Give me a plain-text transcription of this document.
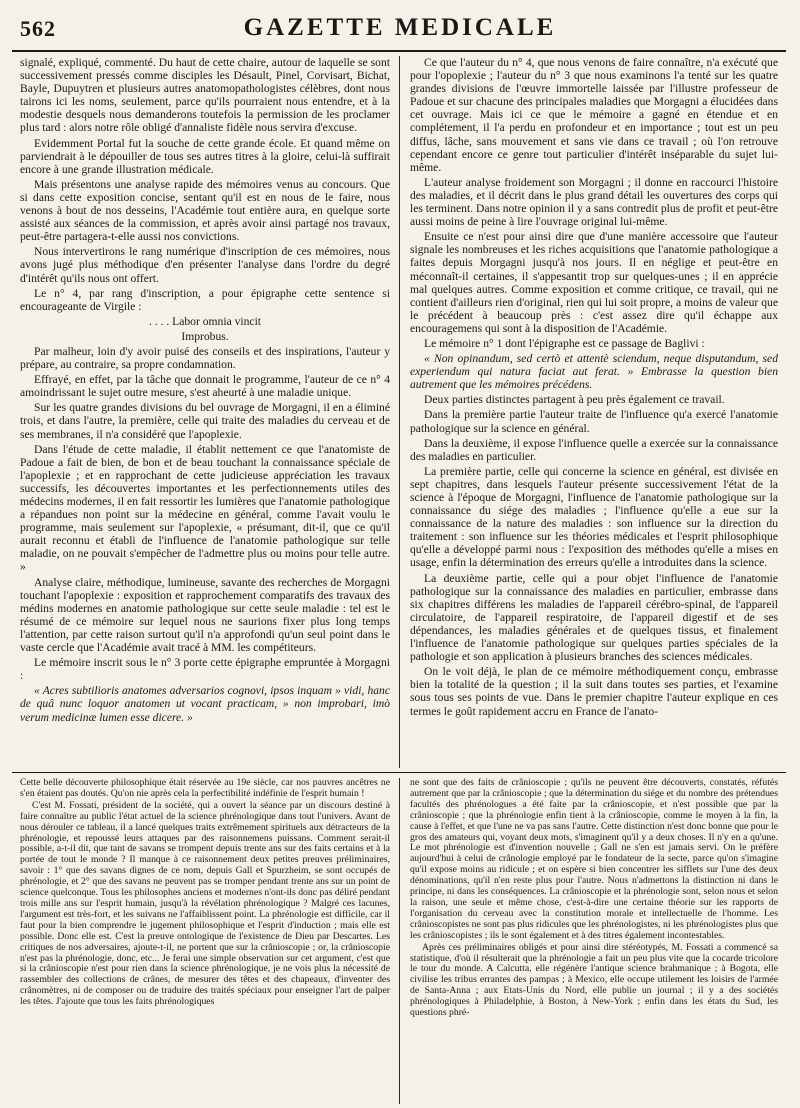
562	GAZETTE MEDICALE

signalé, expliqué, commenté. Du haut de cette chaire, autour de laquelle se sont successivement pressés comme disciples les Désault, Pinel, Corvisart, Bichat, Bayle, Dupuytren et plusieurs autres anatomopathologistes célèbres, dont nous tairons ici les noms, seulement, parce qu'ils pourraient nous entendre, et à la modestie desquels nous demanderons toutefois la permission de les proclamer plus tard : alors notre rôle obligé d'annaliste fidèle nous servira d'excuse.

Evidemment Portal fut la souche de cette grande école. Et quand même on parviendrait à le dépouiller de tous ses autres titres à la gloire, celui-là suffirait encore à une grande illustration médicale.

Mais présentons une analyse rapide des mémoires venus au concours. Que si dans cette exposition concise, sentant qu'il est en nous de le faire, nous venons à bout de nos desseins, l'Académie tout entière aura, en quelque sorte assisté aux séances de la commission, et après avoir ainsi partagé nos travaux, peut-être partagera-t-elle aussi nos convictions.

Nous intervertirons le rang numérique d'inscription de ces mémoires, nous avons jugé plus méthodique d'en présenter l'analyse dans l'ordre du degré d'intérêt qu'ils nous ont offert.

Le n° 4, par rang d'inscription, a pour épigraphe cette sentence si encourageante de Virgile :

. . . . Labor omnia vincit

Improbus.

Par malheur, loin d'y avoir puisé des conseils et des inspirations, l'auteur y prépare, au contraire, sa propre condamnation.

Effrayé, en effet, par la tâche que donnait le programme, l'auteur de ce n° 4 amoindrissant le sujet outre mesure, s'est aheurté à une maladie unique.

Sur les quatre grandes divisions du bel ouvrage de Morgagni, il en a éliminé trois, et dans l'autre, la première, celle qui traite des maladies du cerveau et de ses membranes, il n'a considéré que l'apoplexie.

Dans l'étude de cette maladie, il établit nettement ce que l'anatomiste de Padoue a fait de bien, de bon et de beau touchant la connaissance spéciale de l'apoplexie ; et en rapprochant de cette judicieuse appréciation les travaux successifs, les découvertes importantes et les perfectionnements utiles des médecins modernes, il en fait ressortir les lumières que l'anatomie pathologique a répandues non point sur la médecine en général, comme l'avait voulu le programme, mais seulement sur l'apoplexie, « présumant, dit-il, que ce qu'il aurait reconnu et établi de l'influence de l'anatomie pathologique sur telle maladie, on ne pouvait s'empêcher de l'admettre plus ou moins pour telle autre. »

Analyse claire, méthodique, lumineuse, savante des recherches de Morgagni touchant l'apoplexie : exposition et rapprochement comparatifs des travaux des médins modernes en anatomie pathologique sur cette seule maladie : tel est le résumé de ce mémoire sur lequel nous ne saurions fixer plus long temps l'attention, par cette raison surtout qu'il n'a approfondi qu'un seul point dans le vaste cercle que l'Académie avait tracé à MM. les compétiteurs.

Le mémoire inscrit sous le n° 3 porte cette épigraphe empruntée à Morgagni :

« Acres subtilioris anatomes adversarios cognovi, ipsos inquam » vidi, hanc de quâ nunc loquor anatomen ut vocant practicam, » non improbari, imò verum medicinæ lumen esse dicere. »

Ce que l'auteur du n° 4, que nous venons de faire connaître, n'a exécuté que pour l'opoplexie ; l'auteur du n° 3 que nous examinons l'a tenté sur les quatre grandes divisions de l'œuvre immortelle laissée par l'illustre professeur de Padoue et sur chacune des principales maladies que Morgagni a élucidées dans cet ouvrage. Mais ici ce que le mémoire a gagné en étendue et en complétement, il l'a perdu en profondeur et en importance ; tout est un peu diffus, lâche, sans mouvement et sans vie dans ce travail ; où l'on retrouve cependant encore ce genre tout particulier d'intérêt inséparable du sujet lui-même.

L'auteur analyse froidement son Morgagni ; il donne en raccourci l'histoire des maladies, et il décrit dans le plus grand détail les ouvertures des corps qui les terminent. Dans notre opinion il y a sans contredit plus de profit et peut-être aussi moins de peine à lire l'ouvrage original lui-même.

Ensuite ce n'est pour ainsi dire que d'une manière accessoire que l'auteur signale les nombreuses et les riches acquisitions que l'anatomie pathologique a faites depuis Morgagni jusqu'à nos jours. Il en néglige et peut-être en méconnaît-il certaines, il s'appesantit trop sur quelques-unes ; il en apprécie mal quelques autres. Comme exposition et comme critique, ce travail, qui ne contient d'ailleurs rien d'original, rien qui lui soit propre, a moins de valeur que le précédent à beaucoup près : c'est assez dire qu'il échappe aux encouragemens qui sont à la disposition de l'Académie.

Le mémoire n° 1 dont l'épigraphe est ce passage de Baglivi :

« Non opinandum, sed certò et attentè sciendum, neque disputandum, sed experiendum qui natura faciat aut ferat. » Embrasse la question bien autrement que les mémoires précédens.

Deux parties distinctes partagent à peu près également ce travail.

Dans la première partie l'auteur traite de l'influence qu'a exercé l'anatomie pathologique sur la science en général.

Dans la deuxième, il expose l'influence quelle a exercée sur la connaissance des maladies en particulier.

La première partie, celle qui concerne la science en général, est divisée en sept chapitres, dans lesquels l'auteur présente successivement l'état de la science à l'époque de Morgagni, l'influence de l'anatomie pathologique sur la connaissance du siége des maladies ; l'influence qu'elle a eue sur la connaissance de la nature des maladies : son influence sur la direction du traitement : son influence sur les théories médicales et l'esprit philosophique qu'elle a développé parmi nous : l'exposition des méthodes qu'elle a mises en usage, enfin la détermination des erreurs qu'elle a introduites dans la science.

La deuxième partie, celle qui a pour objet l'influence de l'anatomie pathologique sur la connaissance des maladies en particulier, embrasse dans six chapitres différens les maladies de l'appareil cérébro-spinal, de l'appareil circulatoire, de l'appareil respiratoire, de l'appareil digestif et de ses dépendances, les maladies générales et de quelques tissus, et finalement l'influence de l'anatomie pathologique sur quelques parties spéciales de la pathologie et son application à plusieurs branches des sciences médicales.

On le voit déjà, le plan de ce mémoire méthodiquement conçu, embrasse bien la totalité de la question ; il la suit dans toutes ses parties, et l'examine sous tous ses points de vue. Dans le premier chapitre l'auteur explique en ces termes le goût rapidement accru en France de l'anato-

Cette belle découverte philosophique était réservée au 19e siècle, car nos pauvres ancêtres ne s'en étaient pas doutés. Qu'on nie après cela la perfectibilité indéfinie de l'esprit humain !

C'est M. Fossati, président de la société, qui a ouvert la séance par un discours destiné à faire connaître au public l'état actuel de la science phrénologique dans tout l'univers. Avant de nous dérouler ce tableau, il a lancé quelques traits extrêmement spirituels aux détracteurs de la phrénologie, et repoussé leurs attaques par des raisonnemens puissans. Comment serait-il possible, a-t-il dit, que tant de savans se trompent depuis trente ans sur des faits certains et à la portée de tout le monde ? Il manque à ce raisonnement deux petites preuves préliminaires, savoir : 1° que des savans dignes de ce nom, depuis Gall et Spurzheim, se sont occupés de phrénologie, et 2° que des savans ne peuvent pas se tromper pendant trente ans sur un point de science quelconque. Tous les philosophes anciens et modernes n'ont-ils donc pas déliré pendant trois mille ans sur l'esprit humain, jusqu'à la révélation phrénologique ? Malgré ces lacunes, l'argument est très-fort, et les suivans ne l'affaiblissent point. La phrénologie est difficile, car il faut pour la bien comprendre le jugement philosophique et l'esprit d'induction ; mais elle est possible. Donc elle est. C'est la preuve ontologique de l'existence de Dieu par Descartes. Les critiques de nos adversaires, ajoute-t-il, ne portent que sur la crânioscopie ; or, la crânioscopie n'est pas la phrénologie, donc, etc... Je ferai une simple observation sur cet argument, c'est que si la crânioscopie n'est pour rien dans la science phrénologique, je ne vois plus la nécessité de rassembler des collections de crânes, de mesurer des têtes et des chapeaux, d'inventer des crânomètres, ni de composer ou de traduire des traités spéciaux pour enseigner l'art de palper les têtes. J'ajoute que tous les faits phrénologiques

ne sont que des faits de crânioscopie ; qu'ils ne peuvent être découverts, constatés, réfutés autrement que par la crânioscopie ; que la détermination du siége et du nombre des prétendues facultés des phrénologues a été faite par la crânioscopie, et n'est possible que par la crânioscopie ; que la phrénologie enfin tient à la crânioscopie, comme le moyen à la fin, la cause à l'effet, et que l'une ne va pas sans l'autre. Cette distinction n'est donc bonne que pour le gros des amateurs qui, voyant deux mots, s'imaginent qu'il y a deux choses. Il n'y en a qu'une. Le mot phrénologie est d'invention nouvelle ; Gall ne s'en est jamais servi. On le préfère aujourd'hui à celui de crânologie employé par le fondateur de la secte, parce qu'on s'imagine qu'il expose moins au ridicule ; et on espère si bien concentrer les sifflets sur l'une des deux dénominations, qu'il n'en reste plus pour l'autre. Nous n'admettons la distinction ni dans le principe, ni dans les conséquences. La crânioscopie et la phrénologie sont, selon nous et selon la raison, une seule et même chose, c'est-à-dire une certaine théorie sur les rapports de l'organisation du cerveau avec la constitution morale et intellectuelle de l'homme. Les crânioscopistes ne sont pas plus ridicules que les phrénologistes, ni les phrénologistes plus que les crânioscopistes ; ils le sont également et à des titres également incontestables.

Après ces préliminaires obligés et pour ainsi dire stéréotypés, M. Fossati a commencé sa statistique, d'où il résulterait que la phrénologie a fait un peu plus vite que la cocarde tricolore le tour du monde. A Calcutta, elle régénère l'antique science brahmanique ; à Bogota, elle civilise les tribus errantes des pampas ; à Mexico, elle occupe utilement les loisirs de l'armée de Santa-Anna ; aux Etats-Unis du Nord, elle publie un journal ; il y a des sociétés phrénologiques à Philadelphie, à Boston, à New-York ; enfin dans les états du Sud, les questions phré-
